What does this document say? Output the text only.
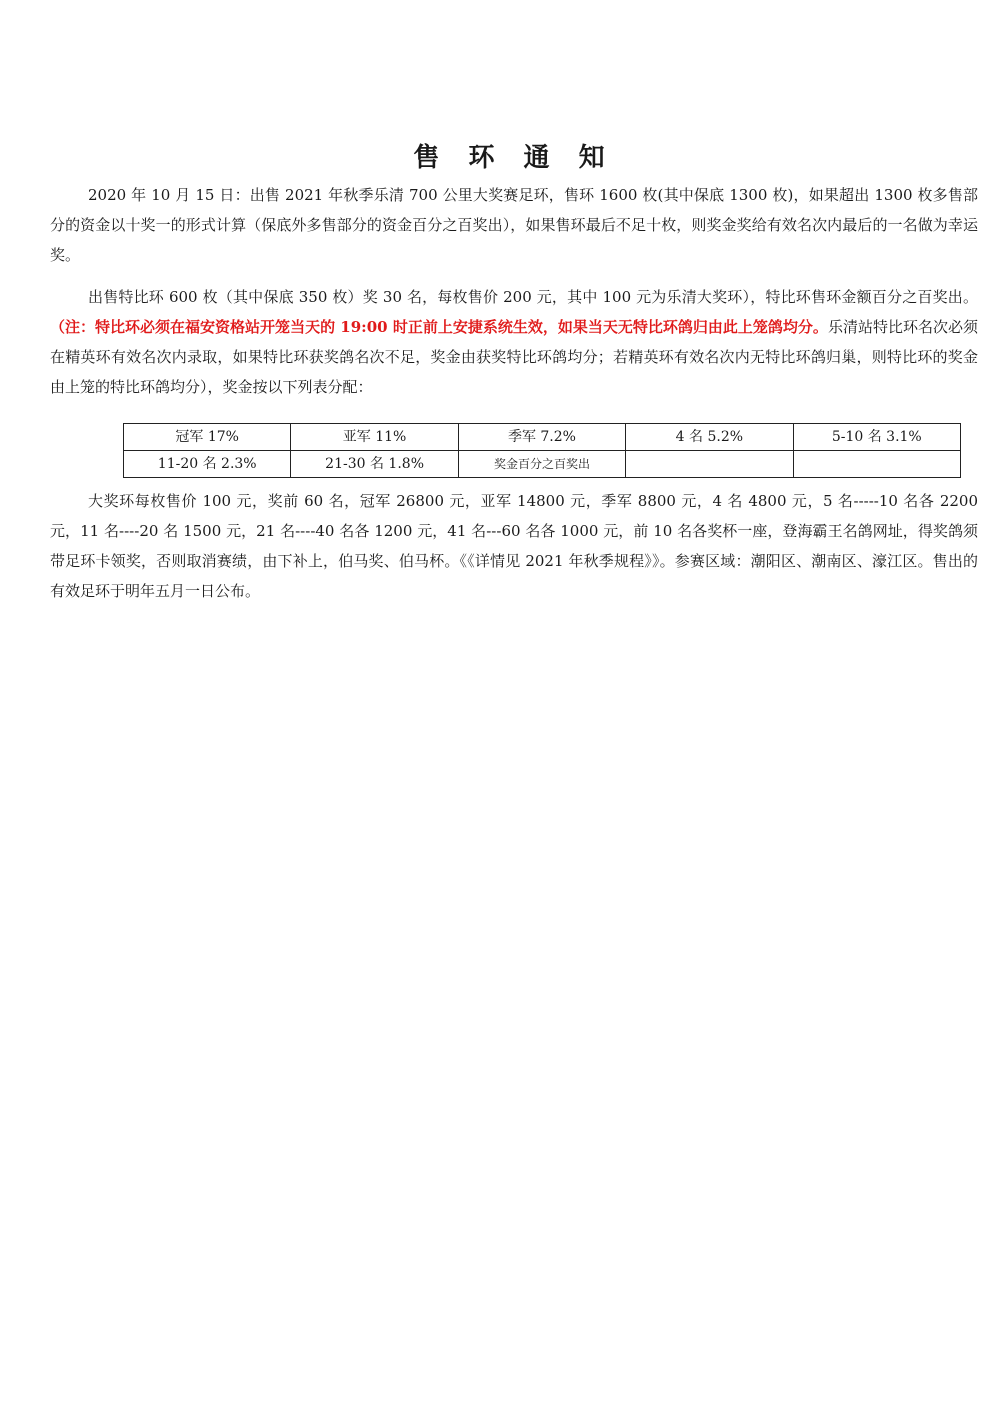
售 环 通 知

2020 年 10 月 15 日：出售 2021 年秋季乐清 700 公里大奖赛足环，售环 1600 枚(其中保底 1300 枚)，如果超出 1300 枚多售部分的资金以十奖一的形式计算（保底外多售部分的资金百分之百奖出），如果售环最后不足十枚，则奖金奖给有效名次内最后的一名做为幸运奖。

出售特比环 600 枚（其中保底 350 枚）奖 30 名，每枚售价 200 元，其中 100 元为乐清大奖环），特比环售环金额百分之百奖出。（注：特比环必须在福安资格站开笼当天的 19:00 时正前上安捷系统生效，如果当天无特比环鸽归由此上笼鸽均分。乐清站特比环名次必须在精英环有效名次内录取，如果特比环获奖鸽名次不足，奖金由获奖特比环鸽均分；若精英环有效名次内无特比环鸽归巢，则特比环的奖金由上笼的特比环鸽均分），奖金按以下列表分配：

冠军 17%	亚军 11%	季军 7.2%	4 名 5.2%	5-10 名 3.1%
11-20 名 2.3%	21-30 名 1.8%	奖金百分之百奖出		

大奖环每枚售价 100 元，奖前 60 名，冠军 26800 元，亚军 14800 元，季军 8800 元，4 名 4800 元，5 名-----10 名各 2200 元，11 名----20 名 1500 元，21 名----40 名各 1200 元，41 名---60 名各 1000 元，前 10 名各奖杯一座，登海霸王名鸽网址，得奖鸽须带足环卡领奖，否则取消赛绩，由下补上，伯马奖、伯马杯。《《详情见 2021 年秋季规程》》。参赛区域：潮阳区、潮南区、濠江区。售出的有效足环于明年五月一日公布。
